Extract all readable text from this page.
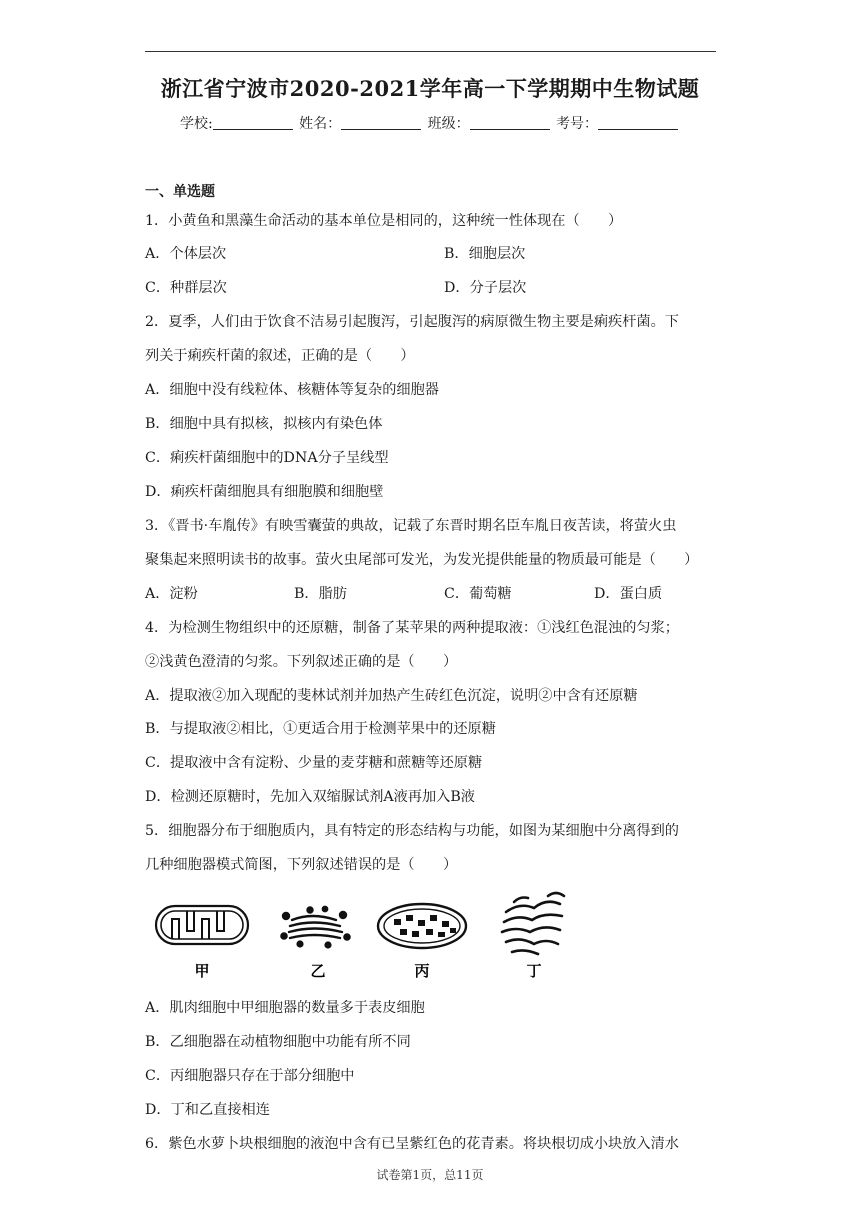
浙江省宁波市2020-2021学年高一下学期期中生物试题
学校:	姓名：	班级：	考号：
一、单选题
1．小黄鱼和黑藻生命活动的基本单位是相同的，这种统一性体现在（　　）
A．个体层次	B．细胞层次
C．种群层次	D．分子层次
2．夏季，人们由于饮食不洁易引起腹泻，引起腹泻的病原微生物主要是痢疾杆菌。下
列关于痢疾杆菌的叙述，正确的是（　　）
A．细胞中没有线粒体、核糖体等复杂的细胞器
B．细胞中具有拟核，拟核内有染色体
C．痢疾杆菌细胞中的DNA分子呈线型
D．痢疾杆菌细胞具有细胞膜和细胞壁
3．《晋书·车胤传》有映雪囊萤的典故，记载了东晋时期名臣车胤日夜苦读，将萤火虫
聚集起来照明读书的故事。萤火虫尾部可发光，为发光提供能量的物质最可能是（　　）
A．淀粉	B．脂肪	C．葡萄糖	D．蛋白质
4．为检测生物组织中的还原糖，制备了某苹果的两种提取液：①浅红色混浊的匀浆；
②浅黄色澄清的匀浆。下列叙述正确的是（　　）
A．提取液②加入现配的斐林试剂并加热产生砖红色沉淀，说明②中含有还原糖
B．与提取液②相比，①更适合用于检测苹果中的还原糖
C．提取液中含有淀粉、少量的麦芽糖和蔗糖等还原糖
D．检测还原糖时，先加入双缩脲试剂A液再加入B液
5．细胞器分布于细胞质内，具有特定的形态结构与功能，如图为某细胞中分离得到的
几种细胞器模式简图，下列叙述错误的是（　　）
甲	乙	丙	丁
A．肌肉细胞中甲细胞器的数量多于表皮细胞
B．乙细胞器在动植物细胞中功能有所不同
C．丙细胞器只存在于部分细胞中
D．丁和乙直接相连
6．紫色水萝卜块根细胞的液泡中含有已呈紫红色的花青素。将块根切成小块放入清水
试卷第1页，总11页
